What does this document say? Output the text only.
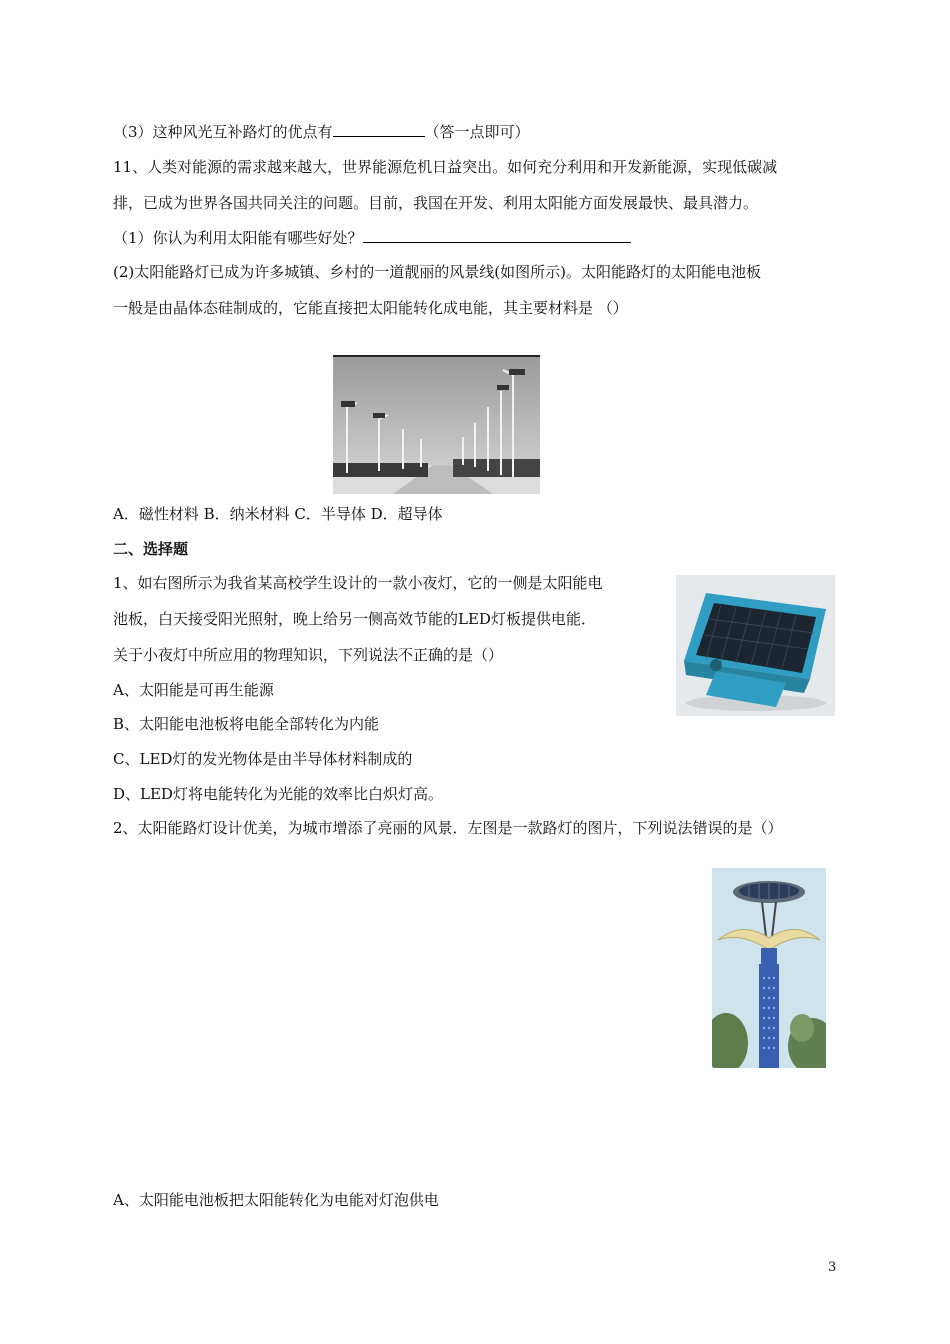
（3）这种风光互补路灯的优点有	（答一点即可）
11、人类对能源的需求越来越大，世界能源危机日益突出。如何充分利用和开发新能源，实现低碳减
排，已成为世界各国共同关注的问题。目前，我国在开发、利用太阳能方面发展最快、最具潜力。
（1）你认为利用太阳能有哪些好处？
(2)太阳能路灯已成为许多城镇、乡村的一道靓丽的风景线(如图所示)。太阳能路灯的太阳能电池板
一般是由晶体态硅制成的，它能直接把太阳能转化成电能，其主要材料是 （）
A．磁性材料 B．纳米材料 C．半导体 D．超导体
二、选择题
1、如右图所示为我省某高校学生设计的一款小夜灯，它的一侧是太阳能电
池板，白天接受阳光照射，晚上给另一侧高效节能的LED灯板提供电能．
关于小夜灯中所应用的物理知识，下列说法不正确的是（）
A、太阳能是可再生能源
B、太阳能电池板将电能全部转化为内能
C、LED灯的发光物体是由半导体材料制成的
D、LED灯将电能转化为光能的效率比白炽灯高。
2、太阳能路灯设计优美，为城市增添了亮丽的风景．左图是一款路灯的图片，下列说法错误的是（）
A、太阳能电池板把太阳能转化为电能对灯泡供电
3
